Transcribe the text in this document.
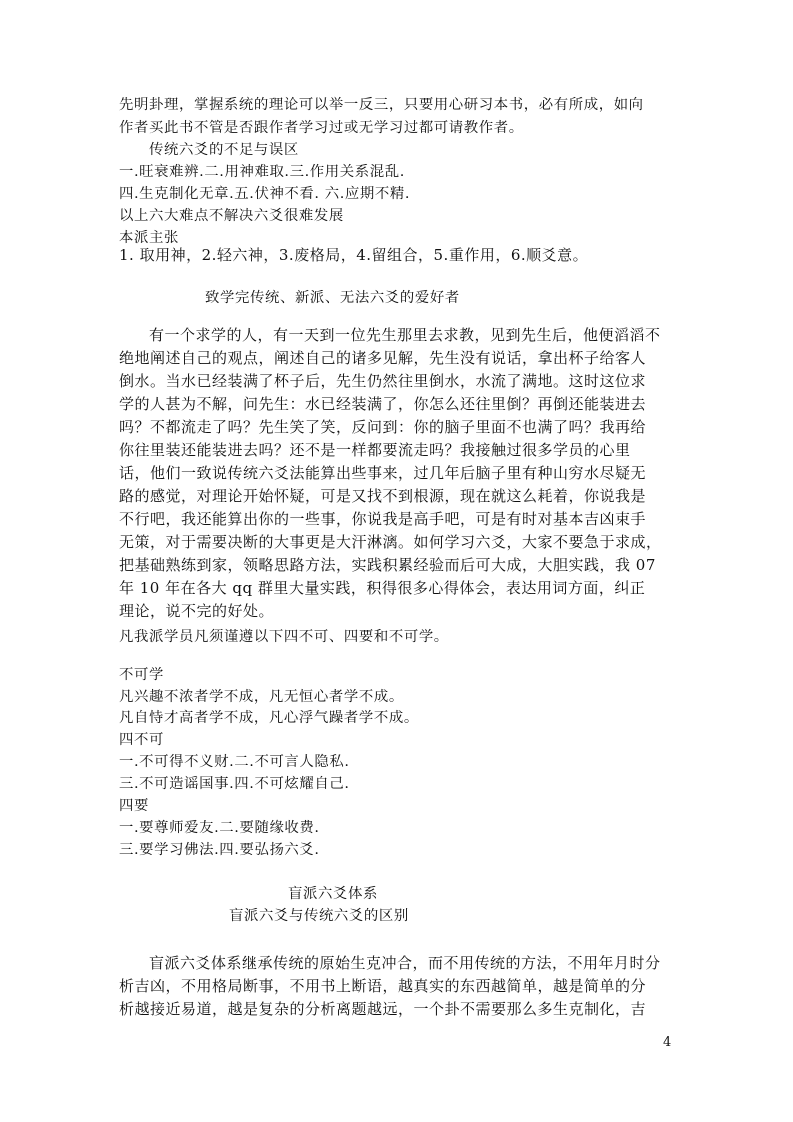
先明卦理，掌握系统的理论可以举一反三，只要用心研习本书，必有所成，如向
作者买此书不管是否跟作者学习过或无学习过都可请教作者。
传统六爻的不足与误区
一.旺衰难辨.二.用神难取.三.作用关系混乱.
四.生克制化无章.五.伏神不看. 六.应期不精.
以上六大难点不解决六爻很难发展
本派主张
1. 取用神，2.轻六神，3.废格局，4.留组合，5.重作用，6.顺爻意。
致学完传统、新派、无法六爻的爱好者
有一个求学的人，有一天到一位先生那里去求教，见到先生后，他便滔滔不
绝地阐述自己的观点，阐述自己的诸多见解，先生没有说话，拿出杯子给客人
倒水。当水已经装满了杯子后，先生仍然往里倒水，水流了满地。这时这位求
学的人甚为不解，问先生：水已经装满了，你怎么还往里倒？再倒还能装进去
吗？不都流走了吗？先生笑了笑，反问到：你的脑子里面不也满了吗？我再给
你往里装还能装进去吗？还不是一样都要流走吗？我接触过很多学员的心里
话，他们一致说传统六爻法能算出些事来，过几年后脑子里有种山穷水尽疑无
路的感觉，对理论开始怀疑，可是又找不到根源，现在就这么耗着，你说我是
不行吧，我还能算出你的一些事，你说我是高手吧，可是有时对基本吉凶束手
无策，对于需要决断的大事更是大汗淋漓。如何学习六爻，大家不要急于求成，
把基础熟练到家，领略思路方法，实践积累经验而后可大成，大胆实践，我 07
年 10 年在各大 qq 群里大量实践，积得很多心得体会，表达用词方面，纠正
理论，说不完的好处。
凡我派学员凡须谨遵以下四不可、四要和不可学。
不可学
凡兴趣不浓者学不成，凡无恒心者学不成。
凡自恃才高者学不成，凡心浮气躁者学不成。
四不可
一.不可得不义财.二.不可言人隐私.
三.不可造谣国事.四.不可炫耀自己.
四要
一.要尊师爱友.二.要随缘收费.
三.要学习佛法.四.要弘扬六爻.
盲派六爻体系
盲派六爻与传统六爻的区别
盲派六爻体系继承传统的原始生克冲合，而不用传统的方法，不用年月时分
析吉凶，不用格局断事，不用书上断语，越真实的东西越简单，越是简单的分
析越接近易道，越是复杂的分析离题越远，一个卦不需要那么多生克制化，吉
4
